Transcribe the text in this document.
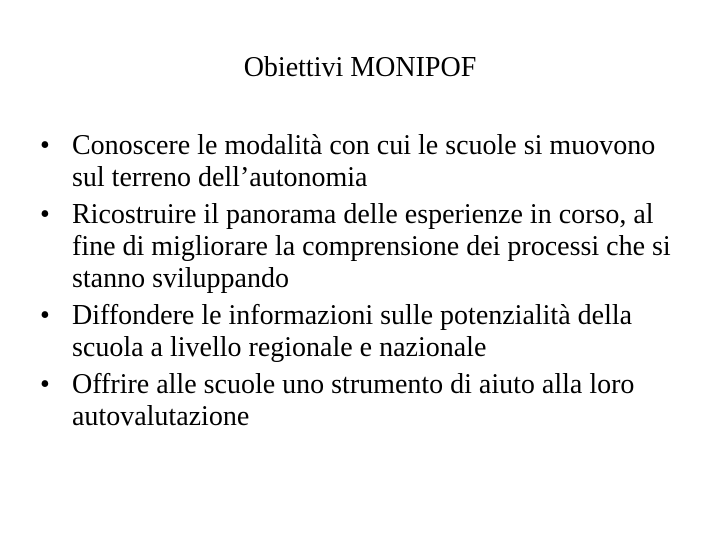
Obiettivi MONIPOF
• Conoscere le modalità con cui le scuole si muovono sul terreno dell’autonomia
• Ricostruire il panorama delle esperienze in corso, al fine di migliorare la comprensione dei processi che si stanno sviluppando
• Diffondere le informazioni sulle potenzialità della scuola a livello regionale e nazionale
• Offrire alle scuole uno strumento di aiuto alla loro autovalutazione
